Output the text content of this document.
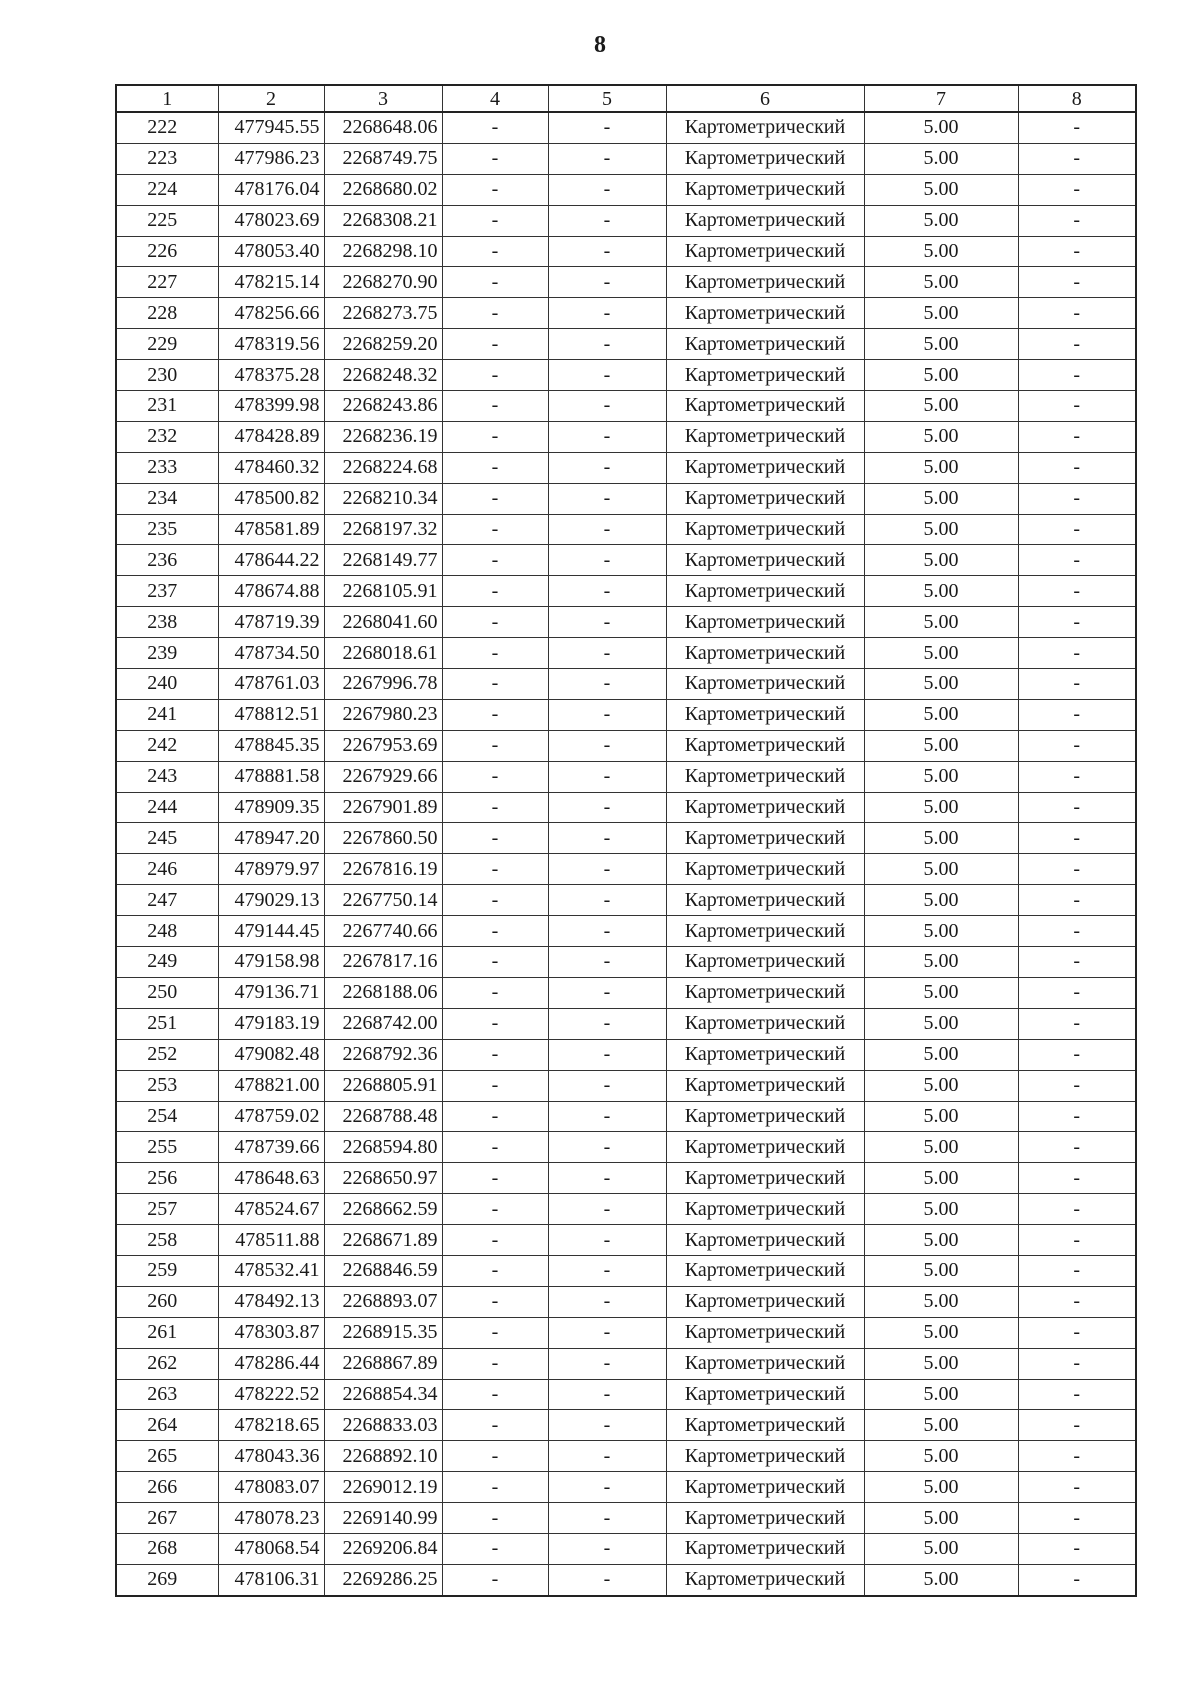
8
1	2	3	4	5	6	7	8
222	477945.55	2268648.06	-	-	Картометрический	5.00	-
223	477986.23	2268749.75	-	-	Картометрический	5.00	-
224	478176.04	2268680.02	-	-	Картометрический	5.00	-
225	478023.69	2268308.21	-	-	Картометрический	5.00	-
226	478053.40	2268298.10	-	-	Картометрический	5.00	-
227	478215.14	2268270.90	-	-	Картометрический	5.00	-
228	478256.66	2268273.75	-	-	Картометрический	5.00	-
229	478319.56	2268259.20	-	-	Картометрический	5.00	-
230	478375.28	2268248.32	-	-	Картометрический	5.00	-
231	478399.98	2268243.86	-	-	Картометрический	5.00	-
232	478428.89	2268236.19	-	-	Картометрический	5.00	-
233	478460.32	2268224.68	-	-	Картометрический	5.00	-
234	478500.82	2268210.34	-	-	Картометрический	5.00	-
235	478581.89	2268197.32	-	-	Картометрический	5.00	-
236	478644.22	2268149.77	-	-	Картометрический	5.00	-
237	478674.88	2268105.91	-	-	Картометрический	5.00	-
238	478719.39	2268041.60	-	-	Картометрический	5.00	-
239	478734.50	2268018.61	-	-	Картометрический	5.00	-
240	478761.03	2267996.78	-	-	Картометрический	5.00	-
241	478812.51	2267980.23	-	-	Картометрический	5.00	-
242	478845.35	2267953.69	-	-	Картометрический	5.00	-
243	478881.58	2267929.66	-	-	Картометрический	5.00	-
244	478909.35	2267901.89	-	-	Картометрический	5.00	-
245	478947.20	2267860.50	-	-	Картометрический	5.00	-
246	478979.97	2267816.19	-	-	Картометрический	5.00	-
247	479029.13	2267750.14	-	-	Картометрический	5.00	-
248	479144.45	2267740.66	-	-	Картометрический	5.00	-
249	479158.98	2267817.16	-	-	Картометрический	5.00	-
250	479136.71	2268188.06	-	-	Картометрический	5.00	-
251	479183.19	2268742.00	-	-	Картометрический	5.00	-
252	479082.48	2268792.36	-	-	Картометрический	5.00	-
253	478821.00	2268805.91	-	-	Картометрический	5.00	-
254	478759.02	2268788.48	-	-	Картометрический	5.00	-
255	478739.66	2268594.80	-	-	Картометрический	5.00	-
256	478648.63	2268650.97	-	-	Картометрический	5.00	-
257	478524.67	2268662.59	-	-	Картометрический	5.00	-
258	478511.88	2268671.89	-	-	Картометрический	5.00	-
259	478532.41	2268846.59	-	-	Картометрический	5.00	-
260	478492.13	2268893.07	-	-	Картометрический	5.00	-
261	478303.87	2268915.35	-	-	Картометрический	5.00	-
262	478286.44	2268867.89	-	-	Картометрический	5.00	-
263	478222.52	2268854.34	-	-	Картометрический	5.00	-
264	478218.65	2268833.03	-	-	Картометрический	5.00	-
265	478043.36	2268892.10	-	-	Картометрический	5.00	-
266	478083.07	2269012.19	-	-	Картометрический	5.00	-
267	478078.23	2269140.99	-	-	Картометрический	5.00	-
268	478068.54	2269206.84	-	-	Картометрический	5.00	-
269	478106.31	2269286.25	-	-	Картометрический	5.00	-
